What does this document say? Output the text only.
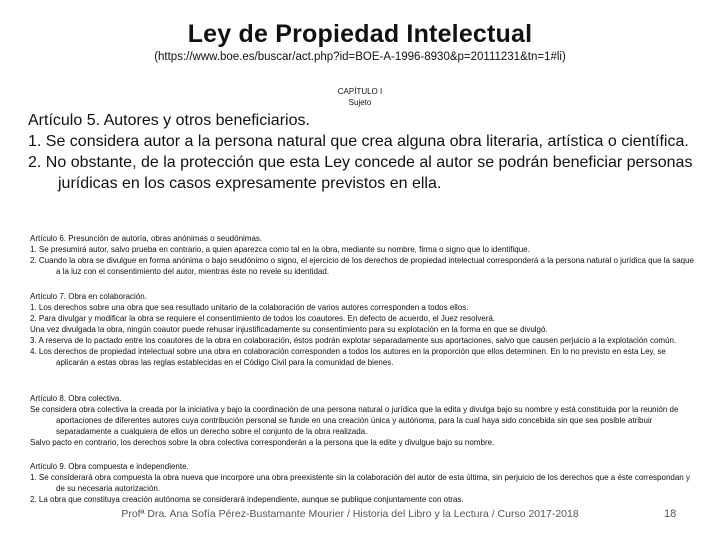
Ley de Propiedad Intelectual
(https://www.boe.es/buscar/act.php?id=BOE-A-1996-8930&p=20111231&tn=1#li)
CAPÍTULO I
Sujeto

Artículo 5. Autores y otros beneficiarios.

1. Se considera autor a la persona natural que crea alguna obra literaria, artística o científica.

2. No obstante, de la protección que esta Ley concede al autor se podrán beneficiar personas jurídicas en los casos expresamente previstos en ella.

Artículo 6. Presunción de autoría, obras anónimas o seudónimas.

1. Se presumirá autor, salvo prueba en contrario, a quien aparezca como tal en la obra, mediante su nombre, firma o signo que lo identifique.

2. Cuando la obra se divulgue en forma anónima o bajo seudónimo o signo, el ejercicio de los derechos de propiedad intelectual corresponderá a la persona natural o jurídica que la saque a la luz con el consentimiento del autor, mientras éste no revele su identidad.

Artículo 7. Obra en colaboración.

1. Los derechos sobre una obra que sea resultado unitario de la colaboración de varios autores corresponden a todos ellos.

2. Para divulgar y modificar la obra se requiere el consentimiento de todos los coautores. En defecto de acuerdo, el Juez resolverá.

Una vez divulgada la obra, ningún coautor puede rehusar injustificadamente su consentimiento para su explotación en la forma en que se divulgó.

3. A reserva de lo pactado entre los coautores de la obra en colaboración, éstos podrán explotar separadamente sus aportaciones, salvo que causen perjuicio a la explotación común.

4. Los derechos de propiedad intelectual sobre una obra en colaboración corresponden a todos los autores en la proporción que ellos determinen. En lo no previsto en esta Ley, se aplicarán a estas obras las reglas establecidas en el Código Civil para la comunidad de bienes.

Artículo 8. Obra colectiva.

Se considera obra colectiva la creada por la iniciativa y bajo la coordinación de una persona natural o jurídica que la edita y divulga bajo su nombre y está constituida por la reunión de aportaciones de diferentes autores cuya contribución personal se funde en una creación única y autónoma, para la cual haya sido concebida sin que sea posible atribuir separadamente a cualquiera de ellos un derecho sobre el conjunto de la obra realizada.

Salvo pacto en contrario, los derechos sobre la obra colectiva corresponderán a la persona que la edite y divulgue bajo su nombre.

Artículo 9. Obra compuesta e independiente.

1. Se considerará obra compuesta la obra nueva que incorpore una obra preexistente sin la colaboración del autor de esta última, sin perjuicio de los derechos que a éste correspondan y de su necesaria autorización.

2. La obra que constituya creación autónoma se considerará independiente, aunque se publique conjuntamente con otras.

Profª Dra. Ana Sofía Pérez-Bustamante Mourier / Historia del Libro y la Lectura / Curso 2017-2018	18
